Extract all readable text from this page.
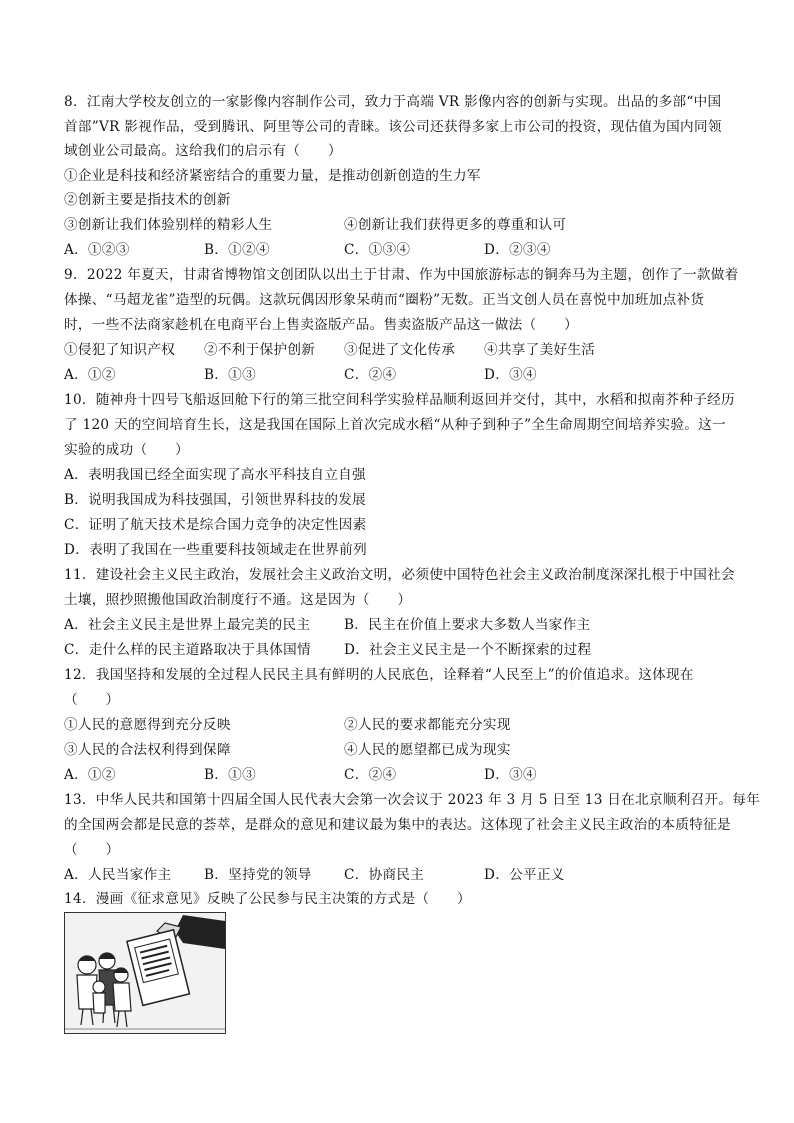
8．江南大学校友创立的一家影像内容制作公司，致力于高端 VR 影像内容的创新与实现。出品的多部“中国
首部”VR 影视作品，受到腾讯、阿里等公司的青睐。该公司还获得多家上市公司的投资，现估值为国内同领
域创业公司最高。这给我们的启示有（　　）
①企业是科技和经济紧密结合的重要力量，是推动创新创造的生力军
②创新主要是指技术的创新
③创新让我们体验别样的精彩人生	④创新让我们获得更多的尊重和认可
A．①②③	B．①②④	C．①③④	D．②③④
9．2022 年夏天，甘肃省博物馆文创团队以出土于甘肃、作为中国旅游标志的铜奔马为主题，创作了一款做着
体操、“马超龙雀”造型的玩偶。这款玩偶因形象呆萌而“圈粉”无数。正当文创人员在喜悦中加班加点补货
时，一些不法商家趁机在电商平台上售卖盗版产品。售卖盗版产品这一做法（　　）
①侵犯了知识产权 ②不利于保护创新 ③促进了文化传承 ④共享了美好生活
A．①②	B．①③	C．②④	D．③④
10．随神舟十四号飞船返回舱下行的第三批空间科学实验样品顺利返回并交付，其中，水稻和拟南芥种子经历
了 120 天的空间培育生长，这是我国在国际上首次完成水稻“从种子到种子”全生命周期空间培养实验。这一
实验的成功（　　）
A．表明我国已经全面实现了高水平科技自立自强
B．说明我国成为科技强国，引领世界科技的发展
C．证明了航天技术是综合国力竞争的决定性因素
D．表明了我国在一些重要科技领域走在世界前列
11．建设社会主义民主政治，发展社会主义政治文明，必须使中国特色社会主义政治制度深深扎根于中国社会
土壤，照抄照搬他国政治制度行不通。这是因为（　　）
A．社会主义民主是世界上最完美的民主 B．民主在价值上要求大多数人当家作主
C．走什么样的民主道路取决于具体国情 D．社会主义民主是一个不断探索的过程
12．我国坚持和发展的全过程人民民主具有鲜明的人民底色，诠释着“人民至上”的价值追求。这体现在
（　　）
①人民的意愿得到充分反映	②人民的要求都能充分实现
③人民的合法权利得到保障	④人民的愿望都已成为现实
A．①②	B．①③	C．②④	D．③④
13．中华人民共和国第十四届全国人民代表大会第一次会议于 2023 年 3 月 5 日至 13 日在北京顺利召开。每年
的全国两会都是民意的荟萃，是群众的意见和建议最为集中的表达。这体现了社会主义民主政治的本质特征是
（　　）
A．人民当家作主 B．坚持党的领导 C．协商民主	D．公平正义
14．漫画《征求意见》反映了公民参与民主决策的方式是（　　）
